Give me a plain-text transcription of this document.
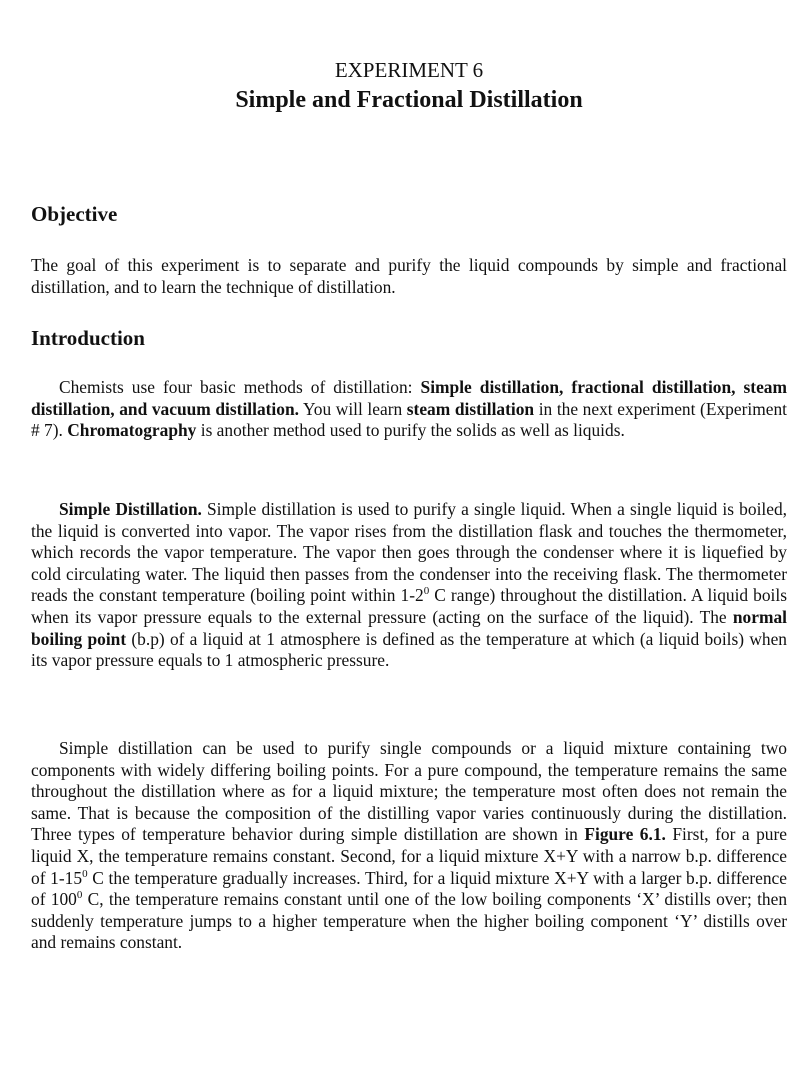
EXPERIMENT 6
Simple and Fractional Distillation
Objective

The goal of this experiment is to separate and purify the liquid compounds by simple and fractional distillation, and to learn the technique of distillation.

Introduction

Chemists use four basic methods of distillation: Simple distillation, fractional distillation, steam distillation, and vacuum distillation. You will learn steam distillation in the next experiment (Experiment # 7). Chromatography is another method used to purify the solids as well as liquids.

Simple Distillation. Simple distillation is used to purify a single liquid. When a single liquid is boiled, the liquid is converted into vapor. The vapor rises from the distillation flask and touches the thermometer, which records the vapor temperature. The vapor then goes through the condenser where it is liquefied by cold circulating water. The liquid then passes from the condenser into the receiving flask. The thermometer reads the constant temperature (boiling point within $1-2^0$ C range) throughout the distillation. A liquid boils when its vapor pressure equals to the external pressure (acting on the surface of the liquid). The normal boiling point (b.p) of a liquid at 1 atmosphere is defined as the temperature at which (a liquid boils) when its vapor pressure equals to 1 atmospheric pressure.

Simple distillation can be used to purify single compounds or a liquid mixture containing two components with widely differing boiling points. For a pure compound, the temperature remains the same throughout the distillation where as for a liquid mixture; the temperature most often does not remain the same. That is because the composition of the distilling vapor varies continuously during the distillation. Three types of temperature behavior during simple distillation are shown in Figure 6.1. First, for a pure liquid X, the temperature remains constant. Second, for a liquid mixture X+Y with a narrow b.p. difference of $1-15^0$ C the temperature gradually increases. Third, for a liquid mixture X+Y with a larger b.p. difference of $100^0$ C, the temperature remains constant until one of the low boiling components ‘X’ distills over; then suddenly temperature jumps to a higher temperature when the higher boiling component ‘Y’ distills over and remains constant.
